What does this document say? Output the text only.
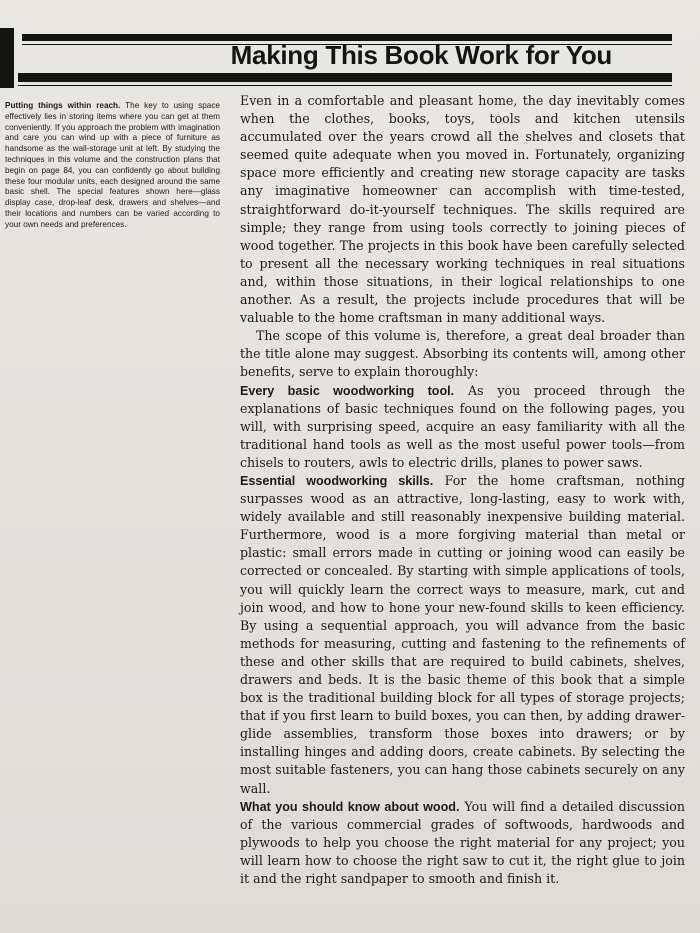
Making This Book Work for You
Putting things within reach. The key to using space effectively lies in storing items where you can get at them conveniently. If you approach the problem with imagination and care you can wind up with a piece of furniture as handsome as the wall-storage unit at left. By studying the techniques in this volume and the construction plans that begin on page 84, you can confidently go about building these four modular units, each designed around the same basic shell. The special features shown here—glass display case, drop-leaf desk, drawers and shelves—and their locations and numbers can be varied according to your own needs and preferences.

Even in a comfortable and pleasant home, the day inevitably comes when the clothes, books, toys, tools and kitchen utensils accumulated over the years crowd all the shelves and closets that seemed quite adequate when you moved in. Fortunately, organizing space more efficiently and creating new storage capacity are tasks any imaginative homeowner can accomplish with time-tested, straightforward do-it-yourself techniques. The skills required are simple; they range from using tools correctly to joining pieces of wood together. The projects in this book have been carefully selected to present all the necessary working techniques in real situations and, within those situations, in their logical relationships to one another. As a result, the projects include procedures that will be valuable to the home craftsman in many additional ways.

The scope of this volume is, therefore, a great deal broader than the title alone may suggest. Absorbing its contents will, among other benefits, serve to explain thoroughly:

Every basic woodworking tool. As you proceed through the explanations of basic techniques found on the following pages, you will, with surprising speed, acquire an easy familiarity with all the traditional hand tools as well as the most useful power tools—from chisels to routers, awls to electric drills, planes to power saws.

Essential woodworking skills. For the home craftsman, nothing surpasses wood as an attractive, long-lasting, easy to work with, widely available and still reasonably inexpensive building material. Furthermore, wood is a more forgiving material than metal or plastic: small errors made in cutting or joining wood can easily be corrected or concealed. By starting with simple applications of tools, you will quickly learn the correct ways to measure, mark, cut and join wood, and how to hone your new-found skills to keen efficiency. By using a sequential approach, you will advance from the basic methods for measuring, cutting and fastening to the refinements of these and other skills that are required to build cabinets, shelves, drawers and beds. It is the basic theme of this book that a simple box is the traditional building block for all types of storage projects; that if you first learn to build boxes, you can then, by adding drawer-glide assemblies, transform those boxes into drawers; or by installing hinges and adding doors, create cabinets. By selecting the most suitable fasteners, you can hang those cabinets securely on any wall.

What you should know about wood. You will find a detailed discussion of the various commercial grades of softwoods, hardwoods and plywoods to help you choose the right material for any project; you will learn how to choose the right saw to cut it, the right glue to join it and the right sandpaper to smooth and finish it.
